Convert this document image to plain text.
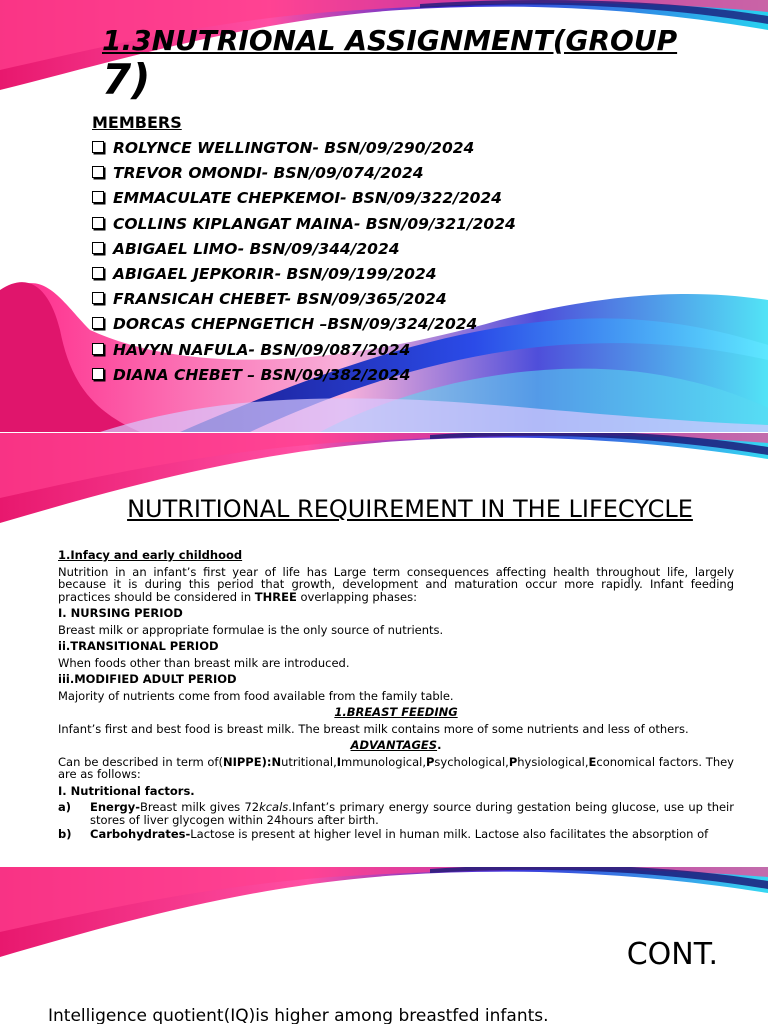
1.3NUTRIONAL ASSIGNMENT(GROUP
7)

MEMBERS

ROLYNCE WELLINGTON- BSN/09/290/2024
TREVOR OMONDI- BSN/09/074/2024
EMMACULATE CHEPKEMOI- BSN/09/322/2024
COLLINS KIPLANGAT MAINA- BSN/09/321/2024
ABIGAEL LIMO- BSN/09/344/2024
ABIGAEL JEPKORIR- BSN/09/199/2024
FRANSICAH CHEBET- BSN/09/365/2024
DORCAS CHEPNGETICH –BSN/09/324/2024
HAVYN NAFULA- BSN/09/087/2024
DIANA CHEBET – BSN/09/382/2024
NUTRITIONAL REQUIREMENT IN THE LIFECYCLE

1.Infacy and early childhood

Nutrition in an infant’s first year of life has Large term consequences affecting health throughout life, largely because it is during this period that growth, development and maturation occur more rapidly. Infant feeding practices should be considered in THREE overlapping phases:

I. NURSING PERIOD

Breast milk or appropriate formulae is the only source of nutrients.

ii.TRANSITIONAL PERIOD

When foods other than breast milk are introduced.

iii.MODIFIED ADULT PERIOD

Majority of nutrients come from food available from the family table.

1.BREAST FEEDING

Infant’s first and best food is breast milk. The breast milk contains more of some nutrients and less of others.

ADVANTAGES.

Can be described in term of(NIPPE):Nutritional,Immunological,Psychological,Physiological,Economical factors. They are as follows:

I. Nutritional factors.

a)	Energy-Breast milk gives 72kcals.Infant’s primary energy source during gestation being glucose, use up their stores of liver glycogen within 24hours after birth.
b)	Carbohydrates-Lactose is present at higher level in human milk. Lactose also facilitates the absorption of
CONT.

Intelligence quotient(IQ)is higher among breastfed infants.
